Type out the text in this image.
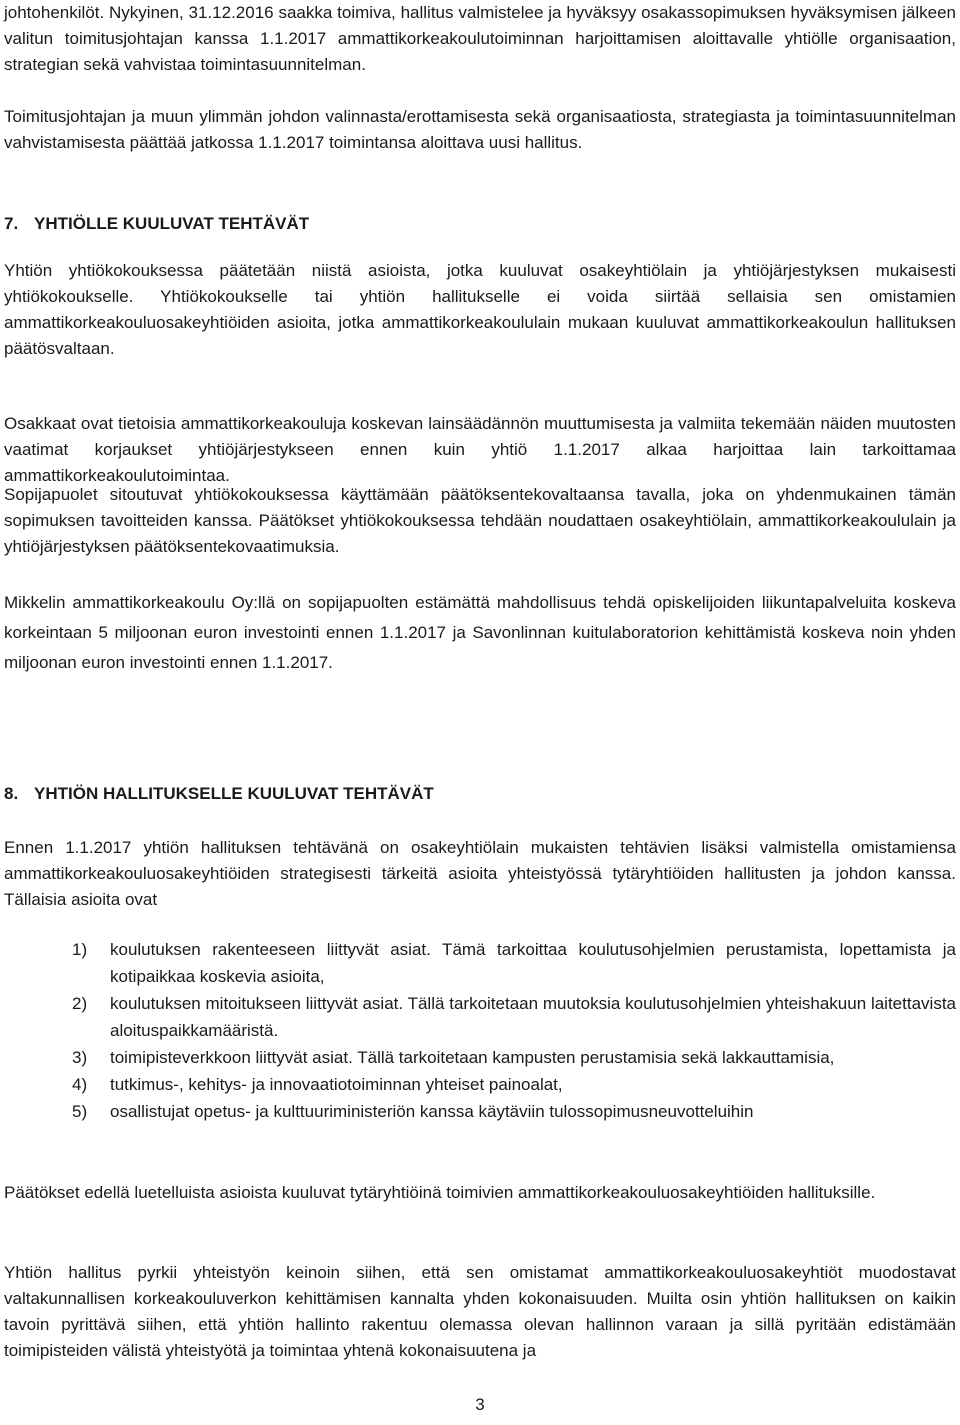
johtohenkilöt. Nykyinen, 31.12.2016 saakka toimiva, hallitus valmistelee ja hyväksyy osakassopimuksen hyväksymisen jälkeen valitun toimitusjohtajan kanssa 1.1.2017 ammattikorkeakoulutoiminnan harjoittamisen aloittavalle yhtiölle organisaation, strategian sekä vahvistaa toimintasuunnitelman.

Toimitusjohtajan ja muun ylimmän johdon valinnasta/erottamisesta sekä organisaatiosta, strategiasta ja toimintasuunnitelman vahvistamisesta päättää jatkossa 1.1.2017 toimintansa aloittava uusi hallitus.

7. YHTIÖLLE KUULUVAT TEHTÄVÄT

Yhtiön yhtiökokouksessa päätetään niistä asioista, jotka kuuluvat osakeyhtiölain ja yhtiöjärjestyksen mukaisesti yhtiökokoukselle. Yhtiökokoukselle tai yhtiön hallitukselle ei voida siirtää sellaisia sen omistamien ammattikorkeakouluosakeyhtiöiden asioita, jotka ammattikorkeakoululain mukaan kuuluvat ammattikorkeakoulun hallituksen päätösvaltaan.

Osakkaat ovat tietoisia ammattikorkeakouluja koskevan lainsäädännön muuttumisesta ja valmiita tekemään näiden muutosten vaatimat korjaukset yhtiöjärjestykseen ennen kuin yhtiö 1.1.2017 alkaa harjoittaa lain tarkoittamaa ammattikorkeakoulutoimintaa.

Sopijapuolet sitoutuvat yhtiökokouksessa käyttämään päätöksentekovaltaansa tavalla, joka on yhdenmukainen tämän sopimuksen tavoitteiden kanssa. Päätökset yhtiökokouksessa tehdään noudattaen osakeyhtiölain, ammattikorkeakoululain ja yhtiöjärjestyksen päätöksentekovaatimuksia.

Mikkelin ammattikorkeakoulu Oy:llä on sopijapuolten estämättä mahdollisuus tehdä opiskelijoiden liikuntapalveluita koskeva korkeintaan 5 miljoonan euron investointi ennen 1.1.2017 ja Savonlinnan kuitulaboratorion kehittämistä koskeva noin yhden miljoonan euron investointi ennen 1.1.2017.

8. YHTIÖN HALLITUKSELLE KUULUVAT TEHTÄVÄT

Ennen 1.1.2017 yhtiön hallituksen tehtävänä on osakeyhtiölain mukaisten tehtävien lisäksi valmistella omistamiensa ammattikorkeakouluosakeyhtiöiden strategisesti tärkeitä asioita yhteistyössä tytäryhtiöiden hallitusten ja johdon kanssa. Tällaisia asioita ovat

1) koulutuksen rakenteeseen liittyvät asiat. Tämä tarkoittaa koulutusohjelmien perustamista, lopettamista ja kotipaikkaa koskevia asioita,
2) koulutuksen mitoitukseen liittyvät asiat. Tällä tarkoitetaan muutoksia koulutusohjelmien yhteishakuun laitettavista aloituspaikkamääristä.
3) toimipisteverkkoon liittyvät asiat. Tällä tarkoitetaan kampusten perustamisia sekä lakkauttamisia,
4) tutkimus-, kehitys- ja innovaatiotoiminnan yhteiset painoalat,
5) osallistujat opetus- ja kulttuuriministeriön kanssa käytäviin tulossopimusneuvotteluihin

Päätökset edellä luetelluista asioista kuuluvat tytäryhtiöinä toimivien ammattikorkeakouluosakeyhtiöiden hallituksille.

Yhtiön hallitus pyrkii yhteistyön keinoin siihen, että sen omistamat ammattikorkeakouluosakeyhtiöt muodostavat valtakunnallisen korkeakouluverkon kehittämisen kannalta yhden kokonaisuuden. Muilta osin yhtiön hallituksen on kaikin tavoin pyrittävä siihen, että yhtiön hallinto rakentuu olemassa olevan hallinnon varaan ja sillä pyritään edistämään toimipisteiden välistä yhteistyötä ja toimintaa yhtenä kokonaisuutena ja

3
